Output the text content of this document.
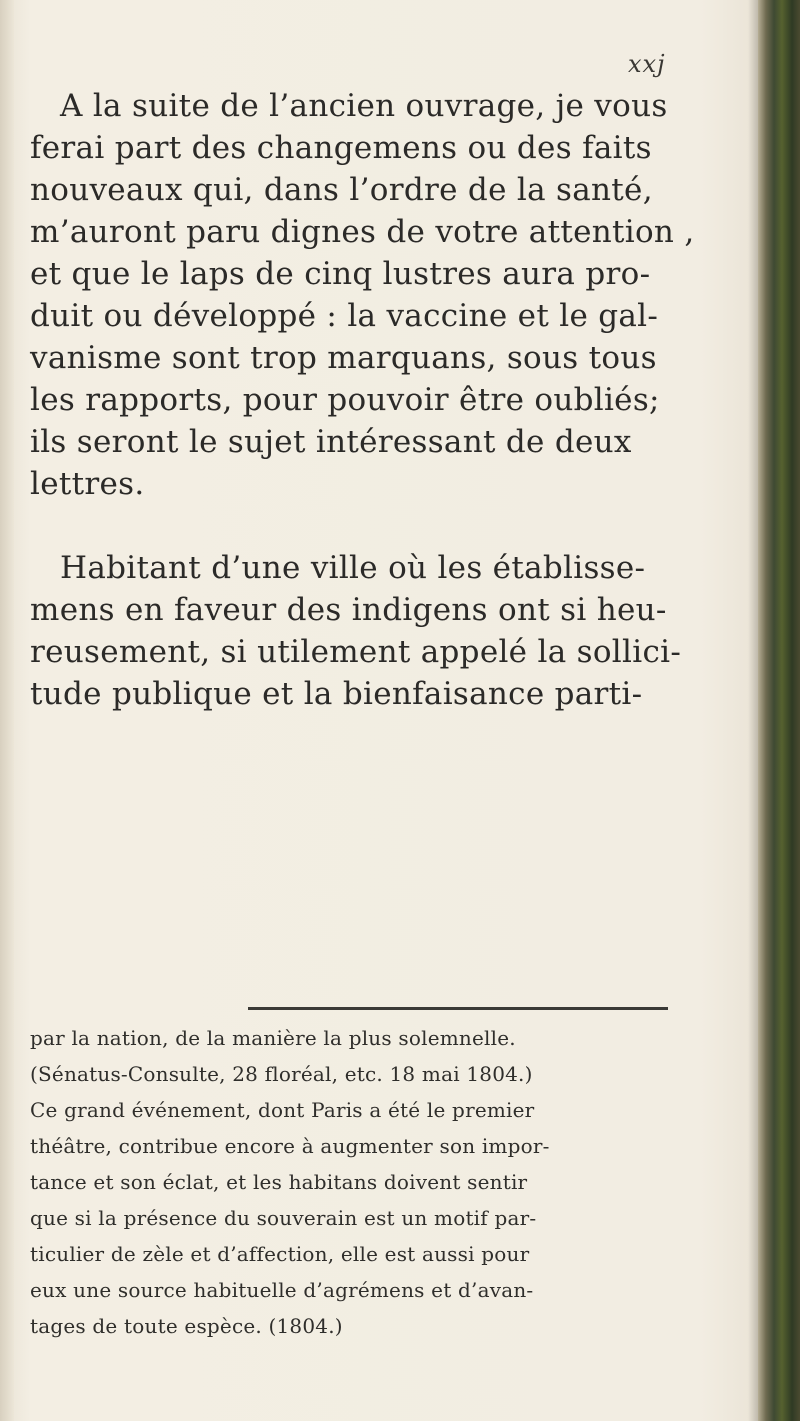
xxj
A la suite de l’ancien ouvrage, je vous
ferai part des changemens ou des faits
nouveaux qui, dans l’ordre de la santé,
m’auront paru dignes de votre attention ,
et que le laps de cinq lustres aura pro-
duit ou développé : la vaccine et le gal-
vanisme sont trop marquans, sous tous
les rapports, pour pouvoir être oubliés;
ils seront le sujet intéressant de deux
lettres.
Habitant d’une ville où les établisse-
mens en faveur des indigens ont si heu-
reusement, si utilement appelé la sollici-
tude publique et la bienfaisance parti-
par la nation, de la manière la plus solemnelle.
(Sénatus-Consulte, 28 floréal, etc. 18 mai 1804.)
Ce grand événement, dont Paris a été le premier
théâtre, contribue encore à augmenter son impor-
tance et son éclat, et les habitans doivent sentir
que si la présence du souverain est un motif par-
ticulier de zèle et d’affection, elle est aussi pour
eux une source habituelle d’agrémens et d’avan-
tages de toute espèce. (1804.)
